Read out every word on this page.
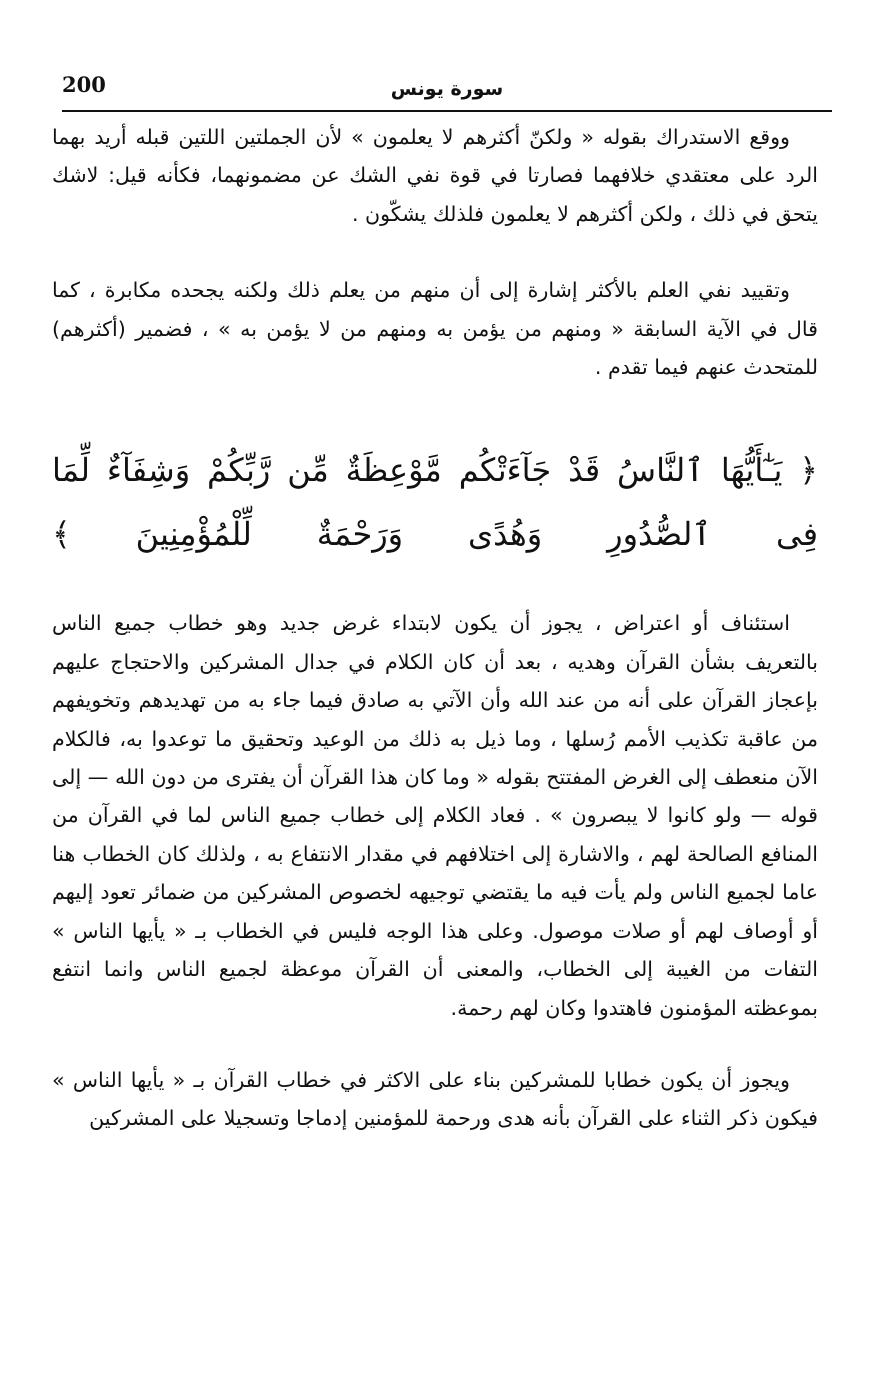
200	سورة يونس

ووقع الاستدراك بقوله « ولكنّ أكثرهم لا يعلمون » لأن الجملتين اللتين قبله أريد بهما الرد على معتقدي خلافهما فصارتا في قوة نفي الشك عن مضمونهما، فكأنه قيل: لاشك يتحق في ذلك ، ولكن أكثرهم لا يعلمون فلذلك يشكّون .

وتقييد نفي العلم بالأكثر إشارة إلى أن منهم من يعلم ذلك ولكنه يجحده مكابرة ، كما قال في الآية السابقة « ومنهم من يؤمن به ومنهم من لا يؤمن به » ، فضمير (أكثرهم) للمتحدث عنهم فيما تقدم .

﴿ يَـٰٓأَيُّهَا ٱلنَّاسُ قَدْ جَآءَتْكُم مَّوْعِظَةٌ مِّن رَّبِّكُمْ وَشِفَآءٌ لِّمَا
فِى ٱلصُّدُورِ وَهُدًى وَرَحْمَةٌ لِّلْمُؤْمِنِينَ ﴾

استئناف أو اعتراض ، يجوز أن يكون لابتداء غرض جديد وهو خطاب جميع الناس بالتعريف بشأن القرآن وهديه ، بعد أن كان الكلام في جدال المشركين والاحتجاج عليهم بإعجاز القرآن على أنه من عند الله وأن الآتي به صادق فيما جاء به من تهديدهم وتخويفهم من عاقبة تكذيب الأمم رُسلها ، وما ذيل به ذلك من الوعيد وتحقيق ما توعدوا به، فالكلام الآن منعطف إلى الغرض المفتتح بقوله « وما كان هذا القرآن أن يفترى من دون الله — إلى قوله — ولو كانوا لا يبصرون » . فعاد الكلام إلى خطاب جميع الناس لما في القرآن من المنافع الصالحة لهم ، والاشارة إلى اختلافهم في مقدار الانتفاع به ، ولذلك كان الخطاب هنا عاما لجميع الناس ولم يأت فيه ما يقتضي توجيهه لخصوص المشركين من ضمائر تعود إليهم أو أوصاف لهم أو صلات موصول. وعلى هذا الوجه فليس في الخطاب بـ « يأيها الناس » التفات من الغيبة إلى الخطاب، والمعنى أن القرآن موعظة لجميع الناس وانما انتفع بموعظته المؤمنون فاهتدوا وكان لهم رحمة.

ويجوز أن يكون خطابا للمشركين بناء على الاكثر في خطاب القرآن بـ « يأيها الناس » فيكون ذكر الثناء على القرآن بأنه هدى ورحمة للمؤمنين إدماجا وتسجيلا على المشركين
